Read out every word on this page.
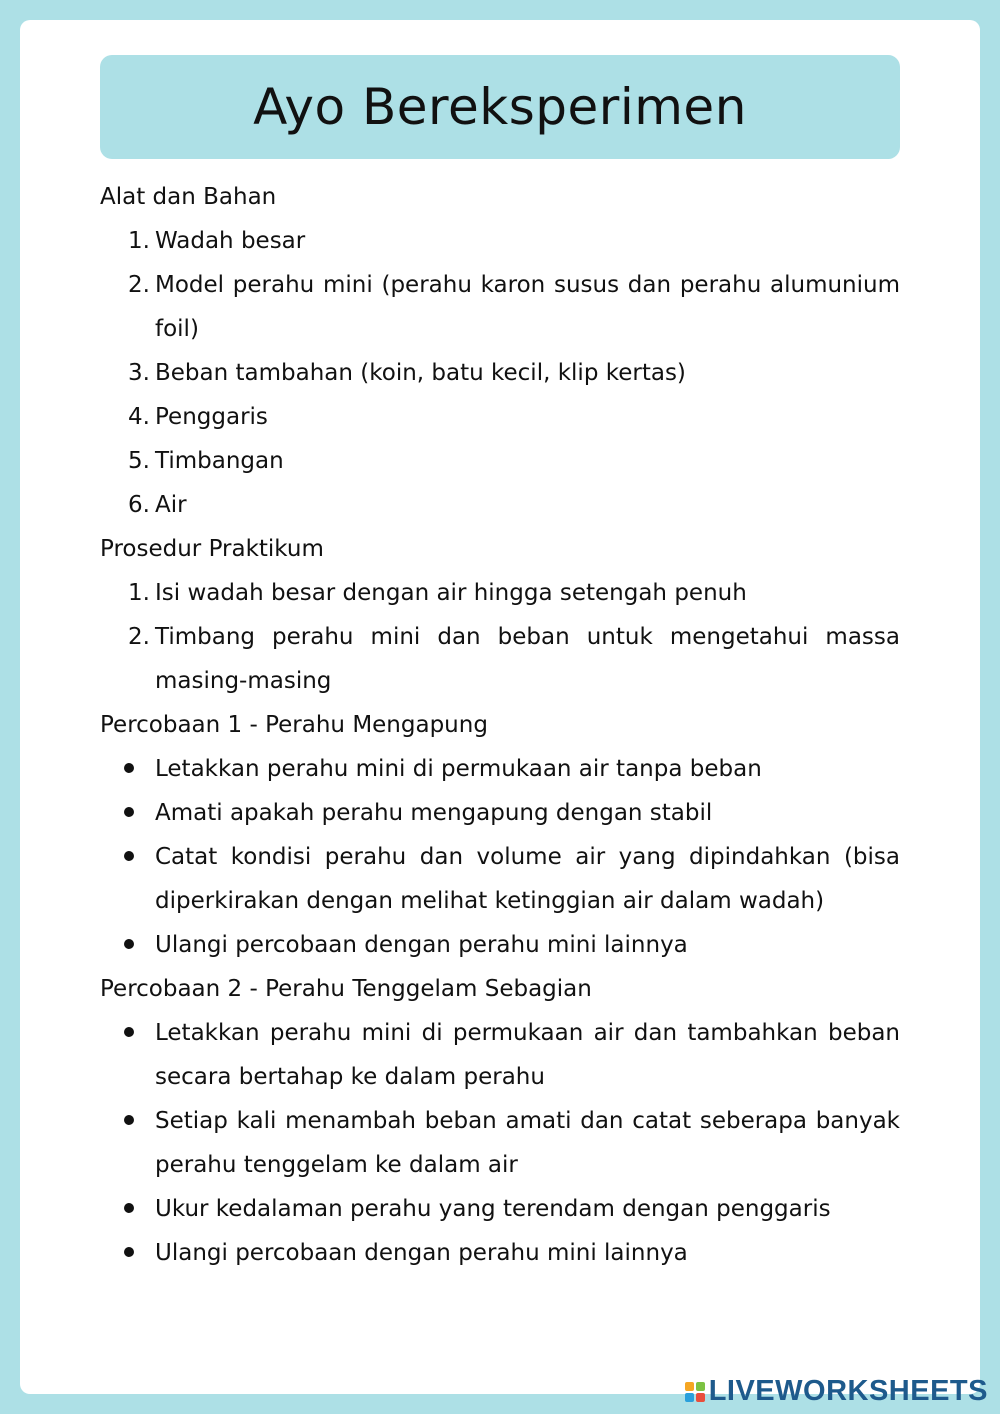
Ayo Bereksperimen
Alat dan Bahan
1. Wadah besar
2. Model perahu mini (perahu karon susus dan perahu alumunium foil)
3. Beban tambahan (koin, batu kecil, klip kertas)
4. Penggaris
5. Timbangan
6. Air
Prosedur Praktikum
1. Isi wadah besar dengan air hingga setengah penuh
2. Timbang perahu mini dan beban untuk mengetahui massa masing-masing
Percobaan 1 - Perahu Mengapung
Letakkan perahu mini di permukaan air tanpa beban
Amati apakah perahu mengapung dengan stabil
Catat kondisi perahu dan volume air yang dipindahkan (bisa diperkirakan dengan melihat ketinggian air dalam wadah)
Ulangi percobaan dengan perahu mini lainnya
Percobaan 2 - Perahu Tenggelam Sebagian
Letakkan perahu mini di permukaan air dan tambahkan beban secara bertahap ke dalam perahu
Setiap kali menambah beban amati dan catat seberapa banyak perahu tenggelam ke dalam air
Ukur kedalaman perahu yang terendam dengan penggaris
Ulangi percobaan dengan perahu mini lainnya
LIVEWORKSHEETS
